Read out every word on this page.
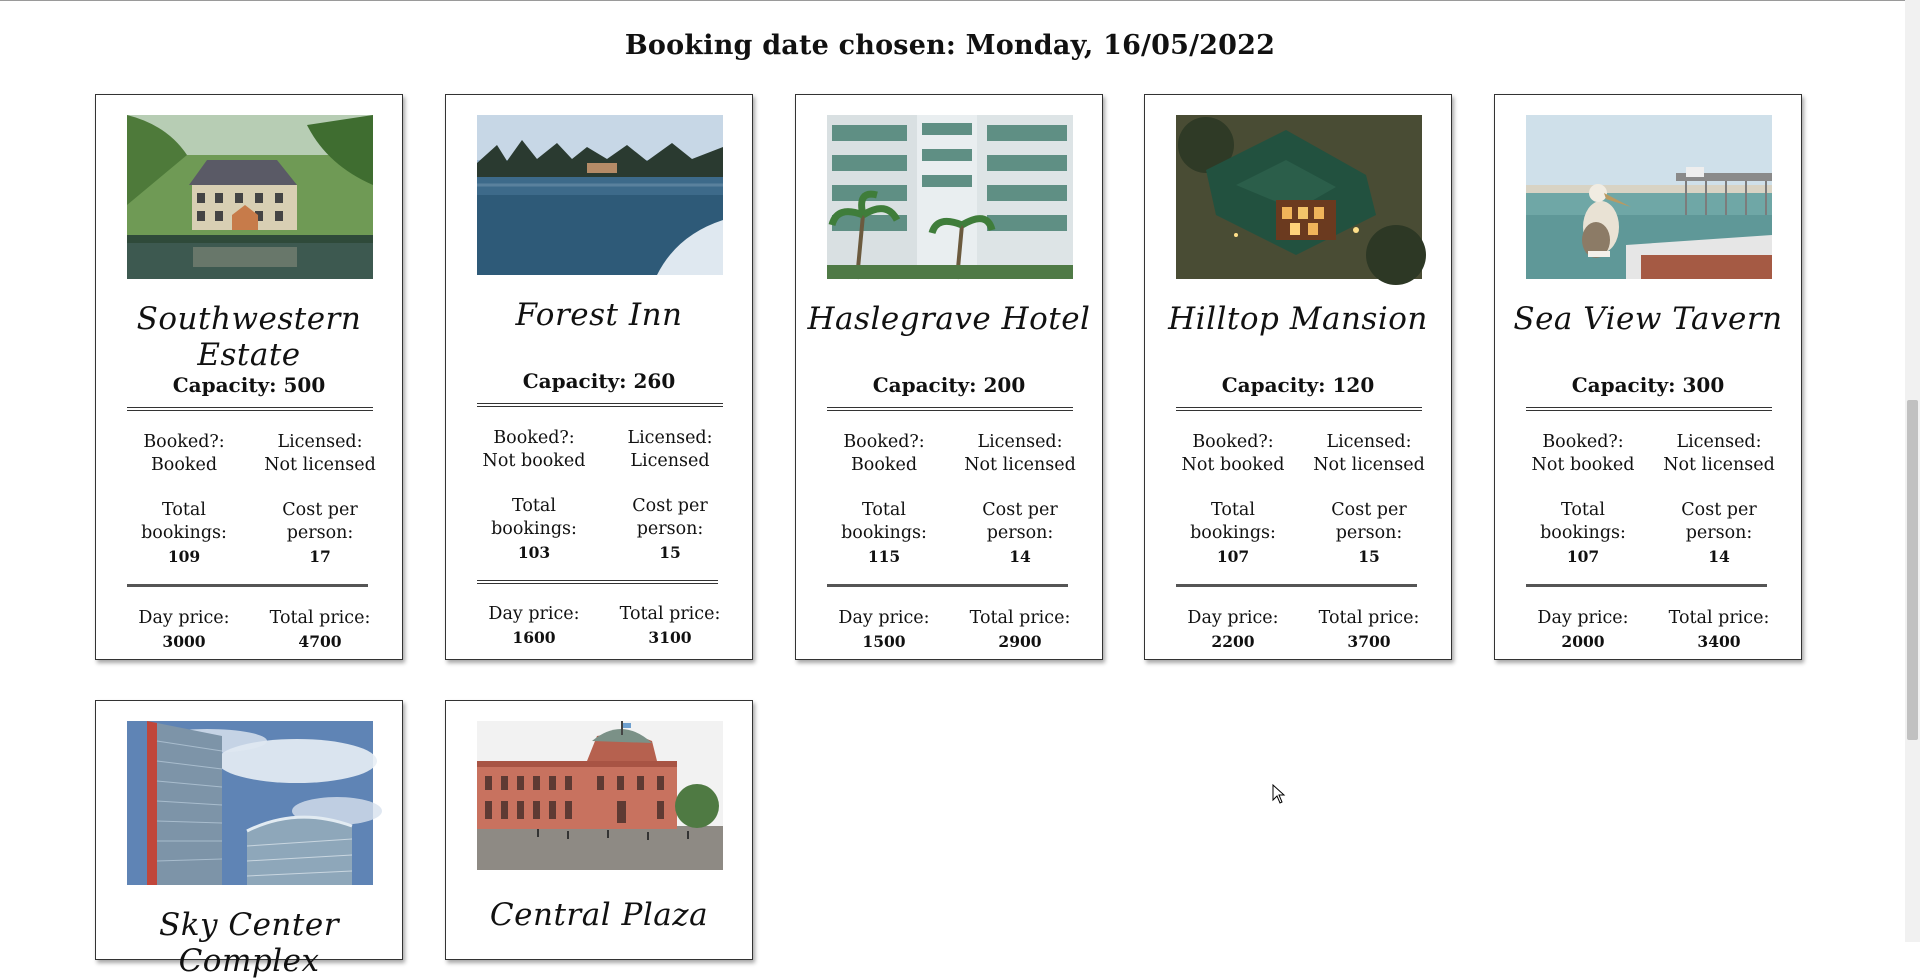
Booking date chosen: Monday, 16/05/2022
Southwestern Estate
Capacity: 500
Booked?:
Booked
Licensed:
Not licensed
Total
bookings:
109
Cost per
person:
17
Day price:
3000
Total price:
4700
Forest Inn
Capacity: 260
Booked?:
Not booked
Licensed:
Licensed
Total
bookings:
103
Cost per
person:
15
Day price:
1600
Total price:
3100
Haslegrave Hotel
Capacity: 200
Booked?:
Booked
Licensed:
Not licensed
Total
bookings:
115
Cost per
person:
14
Day price:
1500
Total price:
2900
Hilltop Mansion
Capacity: 120
Booked?:
Not booked
Licensed:
Not licensed
Total
bookings:
107
Cost per
person:
15
Day price:
2200
Total price:
3700
Sea View Tavern
Capacity: 300
Booked?:
Not booked
Licensed:
Not licensed
Total
bookings:
107
Cost per
person:
14
Day price:
2000
Total price:
3400
Sky Center Complex
Central Plaza
